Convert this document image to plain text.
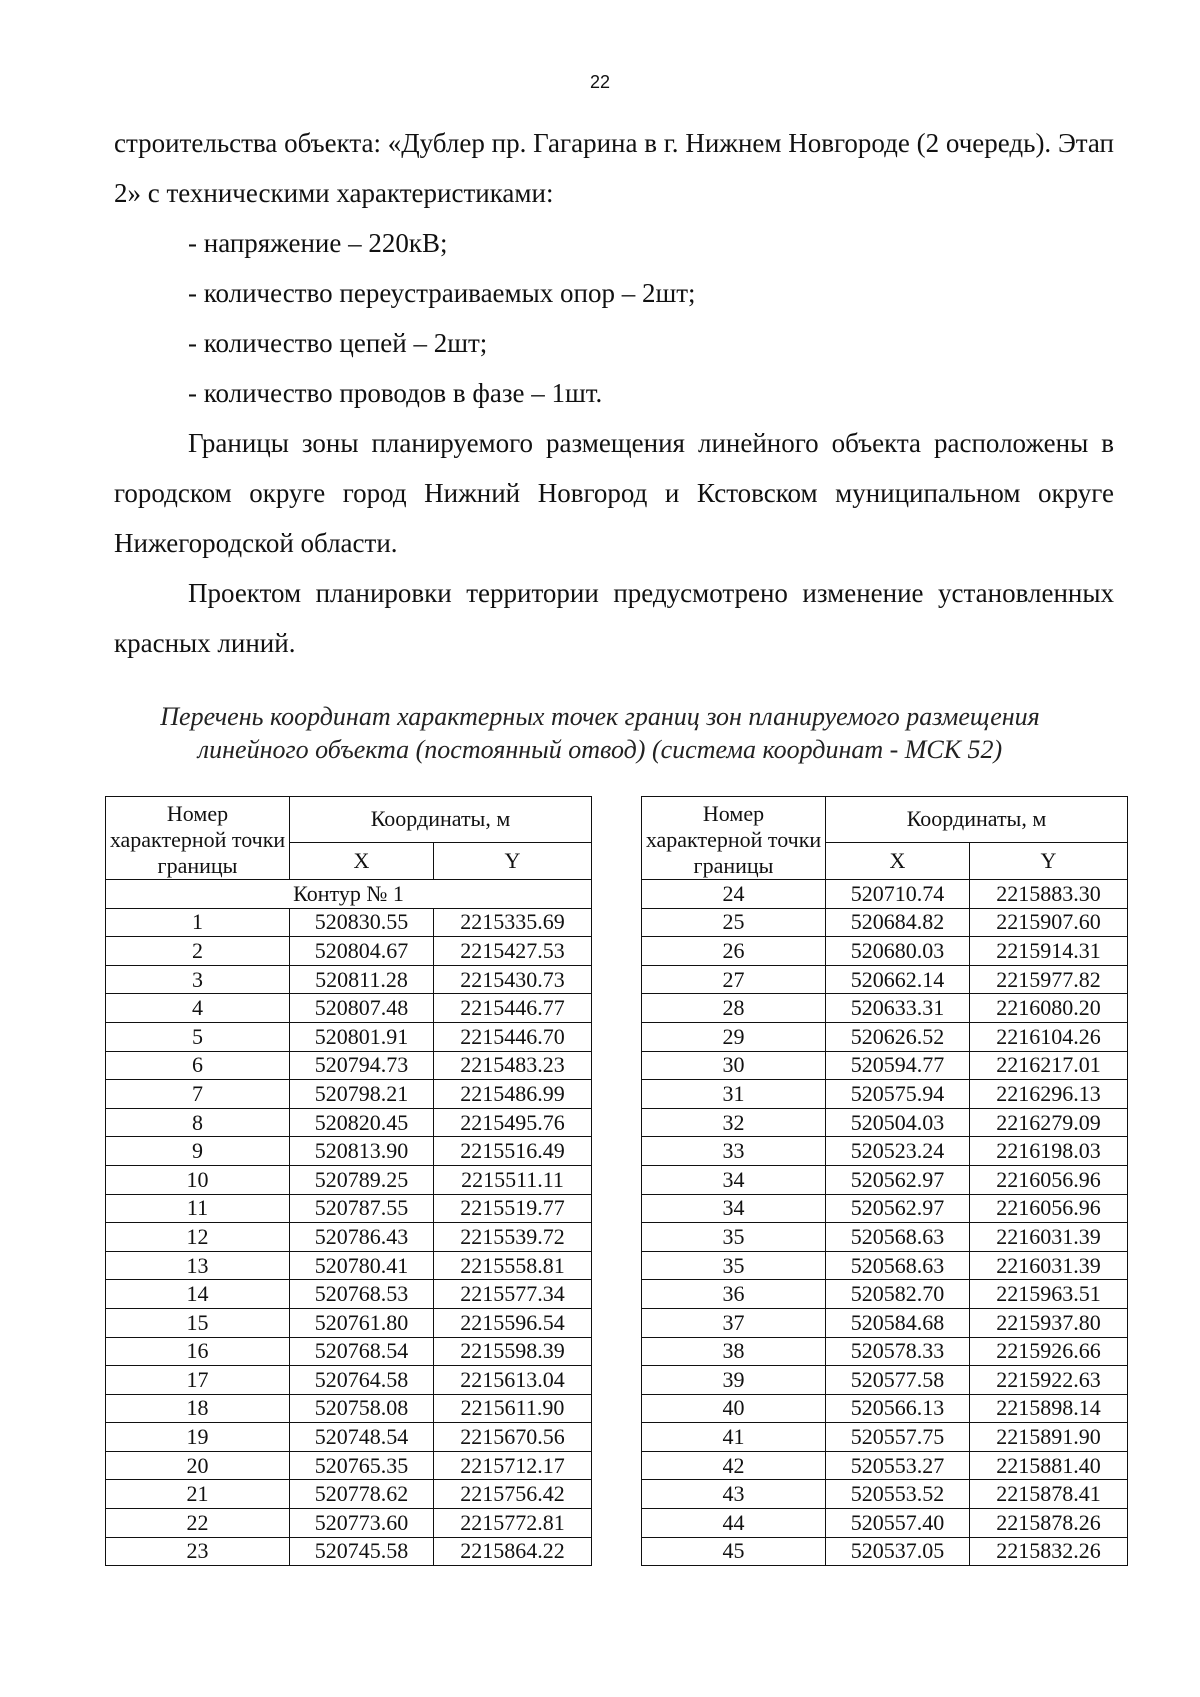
22

строительства объекта: «Дублер пр. Гагарина в г. Нижнем Новгороде (2 очередь). Этап 2» с техническими характеристиками:

- напряжение – 220кВ;

- количество переустраиваемых опор – 2шт;

- количество цепей – 2шт;

- количество проводов в фазе – 1шт.

Границы зоны планируемого размещения линейного объекта расположены в городском округе город Нижний Новгород и Кстовском муниципальном округе Нижегородской области.

Проектом планировки территории предусмотрено изменение установленных красных линий.

Перечень координат характерных точек границ зон планируемого размещения
линейного объекта (постоянный отвод) (система координат - МСК 52)
Номер характерной точки границы	Координаты, м	
	X	Y
Контур № 1		
1	520830.55	2215335.69
2	520804.67	2215427.53
3	520811.28	2215430.73
4	520807.48	2215446.77
5	520801.91	2215446.70
6	520794.73	2215483.23
7	520798.21	2215486.99
8	520820.45	2215495.76
9	520813.90	2215516.49
10	520789.25	2215511.11
11	520787.55	2215519.77
12	520786.43	2215539.72
13	520780.41	2215558.81
14	520768.53	2215577.34
15	520761.80	2215596.54
16	520768.54	2215598.39
17	520764.58	2215613.04
18	520758.08	2215611.90
19	520748.54	2215670.56
20	520765.35	2215712.17
21	520778.62	2215756.42
22	520773.60	2215772.81
23	520745.58	2215864.22
Номер характерной точки границы	Координаты, м	
	X	Y
24	520710.74	2215883.30
25	520684.82	2215907.60
26	520680.03	2215914.31
27	520662.14	2215977.82
28	520633.31	2216080.20
29	520626.52	2216104.26
30	520594.77	2216217.01
31	520575.94	2216296.13
32	520504.03	2216279.09
33	520523.24	2216198.03
34	520562.97	2216056.96
34	520562.97	2216056.96
35	520568.63	2216031.39
35	520568.63	2216031.39
36	520582.70	2215963.51
37	520584.68	2215937.80
38	520578.33	2215926.66
39	520577.58	2215922.63
40	520566.13	2215898.14
41	520557.75	2215891.90
42	520553.27	2215881.40
43	520553.52	2215878.41
44	520557.40	2215878.26
45	520537.05	2215832.26
